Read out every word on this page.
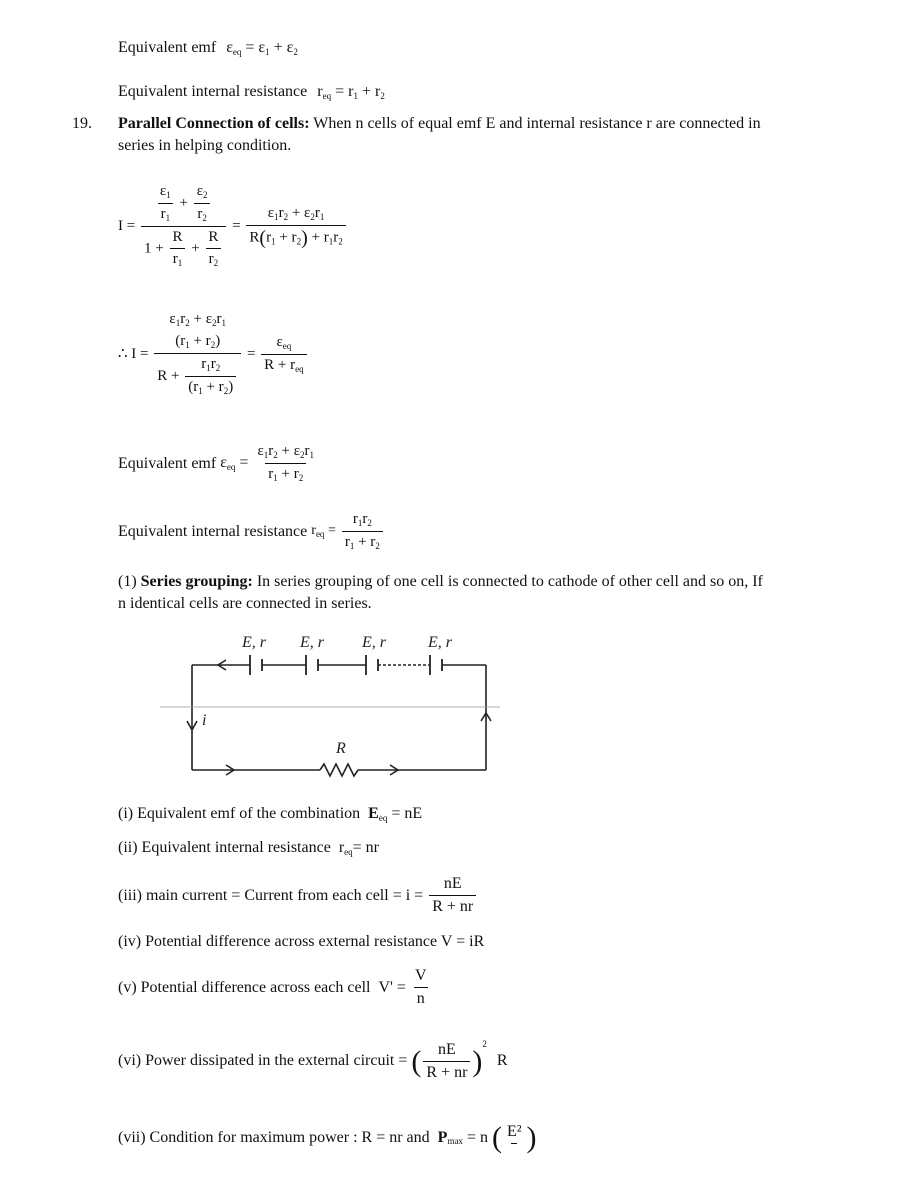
Equivalent emf $\varepsilon_{eq} = \varepsilon_1 + \varepsilon_2$
Equivalent internal resistance $r_{eq} = r_1 + r_2$
19. Parallel Connection of cells: When n cells of equal emf E and internal resistance r are connected in
series in helping condition.
$I = \frac{\frac{\varepsilon_1}{r_1} + \frac{\varepsilon_2}{r_2}}{1 + \frac{R}{r_1} + \frac{R}{r_2}} = \frac{\varepsilon_1r_2 + \varepsilon_2r_1}{R(r_1 + r_2) + r_1r_2}$
∴ $I = \varepsilon_1r_2 + \varepsilon_2r_1$
$(r_1 + r_2)$
$R + \frac{r_1r_2}{(r_1 + r_2)} = \frac{\varepsilon_{eq}}{R + r_{eq}}$
Equivalent emf $\varepsilon_{eq} = \frac{\varepsilon_1r_2 + \varepsilon_2r_1}{r_1 + r_2}$
Equivalent internal resistance $r_{eq} = \frac{r_1r_2}{r_1 + r_2}$
(1) Series grouping: In series grouping of one cell is connected to cathode of other cell and so on, If
n identical cells are connected in series.
E, r E, r E, r	E, r
i
R
(i) Equivalent emf of the combination $E_{eq}$ = nE
(ii) Equivalent internal resistance $r_{eq}=$ nr
(iii) main current = Current from each cell = $i = \frac{nE}{R + nr}$
(iv) Potential difference across external resistance V = iR
(v) Potential difference across each cell $V' = \frac{V}{n}$
(vi) Power dissipated in the external circuit = ( $\frac{nE}{R + nr} )^2$ R
(vii) Condition for maximum power : R = nr and $P_{max} = n$ ( E² )
